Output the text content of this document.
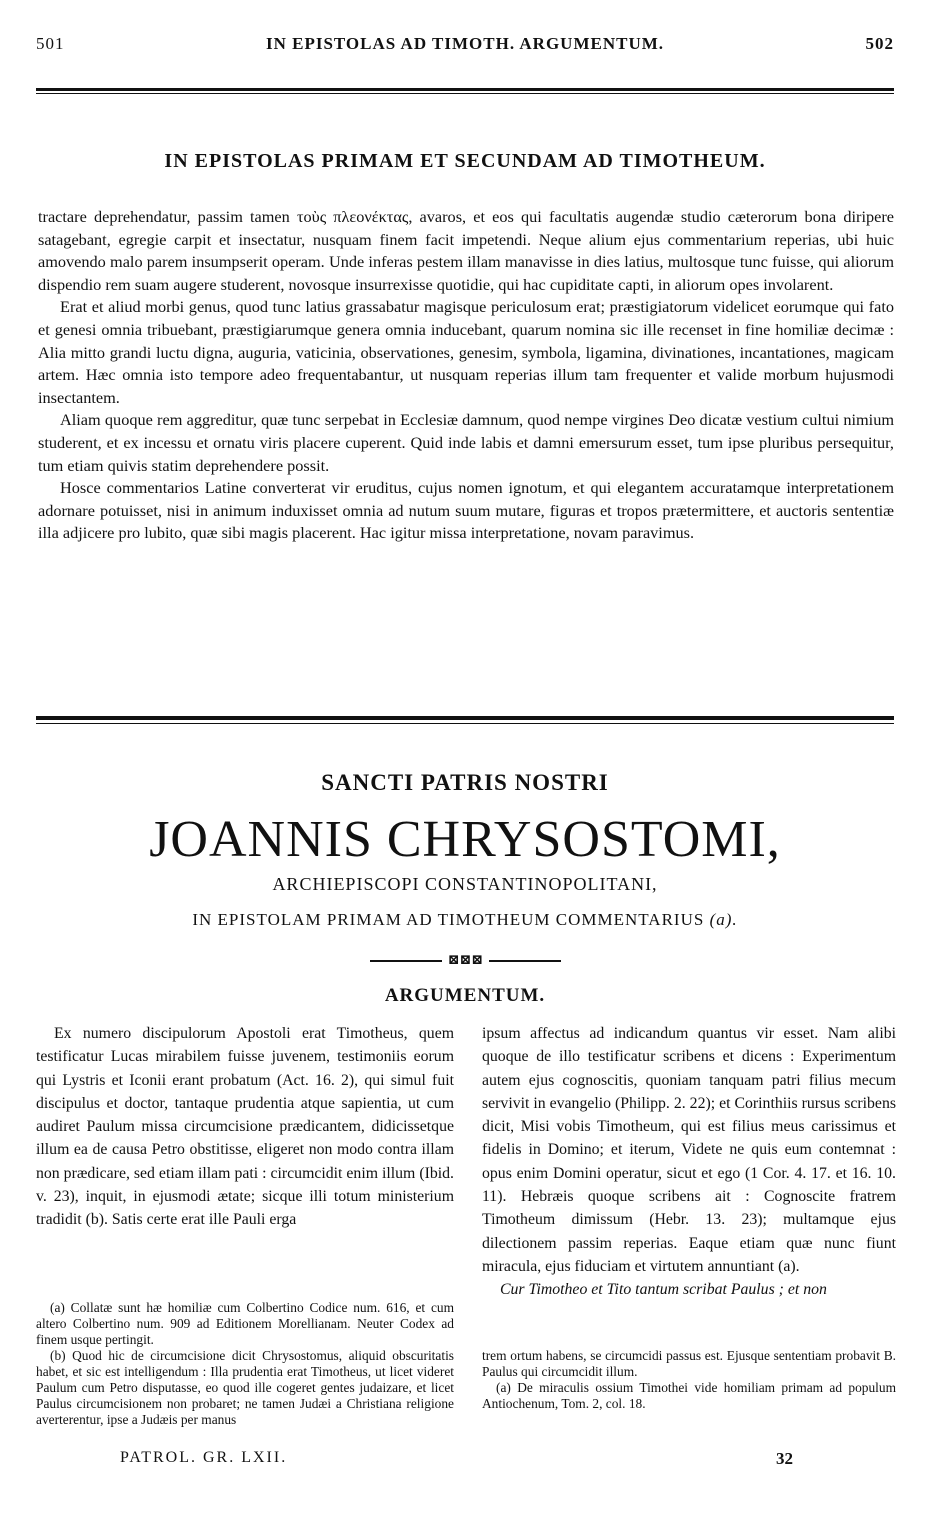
501	IN EPISTOLAS AD TIMOTH. ARGUMENTUM.	502
IN EPISTOLAS PRIMAM ET SECUNDAM AD TIMOTHEUM.

tractare deprehendatur, passim tamen τοὺς πλεονέκτας, avaros, et eos qui facultatis augendæ studio cæterorum bona diripere satagebant, egregie carpit et insectatur, nusquam finem facit impetendi. Neque alium ejus commentarium reperias, ubi huic amovendo malo parem insumpserit operam. Unde inferas pestem illam manavisse in dies latius, multosque tunc fuisse, qui aliorum dispendio rem suam augere studerent, novosque insurrexisse quotidie, qui hac cupiditate capti, in aliorum opes involarent.

Erat et aliud morbi genus, quod tunc latius grassabatur magisque periculosum erat; præstigiatorum videlicet eorumque qui fato et genesi omnia tribuebant, præstigiarumque genera omnia inducebant, quarum nomina sic ille recenset in fine homiliæ decimæ : Alia mitto grandi luctu digna, auguria, vaticinia, observationes, genesim, symbola, ligamina, divinationes, incantationes, magicam artem. Hæc omnia isto tempore adeo frequentabantur, ut nusquam reperias illum tam frequenter et valide morbum hujusmodi insectantem.

Aliam quoque rem aggreditur, quæ tunc serpebat in Ecclesiæ damnum, quod nempe virgines Deo dicatæ vestium cultui nimium studerent, et ex incessu et ornatu viris placere cuperent. Quid inde labis et damni emersurum esset, tum ipse pluribus persequitur, tum etiam quivis statim deprehendere possit.

Hosce commentarios Latine converterat vir eruditus, cujus nomen ignotum, et qui elegantem accuratamque interpretationem adornare potuisset, nisi in animum induxisset omnia ad nutum suum mutare, figuras et tropos prætermittere, et auctoris sententiæ illa adjicere pro lubito, quæ sibi magis placerent. Hac igitur missa interpretatione, novam paravimus.

SANCTI PATRIS NOSTRI
JOANNIS CHRYSOSTOMI,
ARCHIEPISCOPI CONSTANTINOPOLITANI,
IN EPISTOLAM PRIMAM AD TIMOTHEUM COMMENTARIUS (a).
⊠⊠⊠
ARGUMENTUM.

Ex numero discipulorum Apostoli erat Timotheus, quem testificatur Lucas mirabilem fuisse juvenem, testimoniis eorum qui Lystris et Iconii erant probatum (Act. 16. 2), qui simul fuit discipulus et doctor, tantaque prudentia atque sapientia, ut cum audiret Paulum missa circumcisione prædicantem, didicissetque illum ea de causa Petro obstitisse, eligeret non modo contra illam non prædicare, sed etiam illam pati : circumcidit enim illum (Ibid. v. 23), inquit, in ejusmodi ætate; sicque illi totum ministerium tradidit (b). Satis certe erat ille Pauli erga

ipsum affectus ad indicandum quantus vir esset. Nam alibi quoque de illo testificatur scribens et dicens : Experimentum autem ejus cognoscitis, quoniam tanquam patri filius mecum servivit in evangelio (Philipp. 2. 22); et Corinthiis rursus scribens dicit, Misi vobis Timotheum, qui est filius meus carissimus et fidelis in Domino; et iterum, Videte ne quis eum contemnat : opus enim Domini operatur, sicut et ego (1 Cor. 4. 17. et 16. 10. 11). Hebræis quoque scribens ait : Cognoscite fratrem Timotheum dimissum (Hebr. 13. 23); multamque ejus dilectionem passim reperias. Eaque etiam quæ nunc fiunt miracula, ejus fiduciam et virtutem annuntiant (a).

Cur Timotheo et Tito tantum scribat Paulus ; et non

(a) Collatæ sunt hæ homiliæ cum Colbertino Codice num. 616, et cum altero Colbertino num. 909 ad Editionem Morellianam. Neuter Codex ad finem usque pertingit.

(b) Quod hic de circumcisione dicit Chrysostomus, aliquid obscuritatis habet, et sic est intelligendum : Illa prudentia erat Timotheus, ut licet videret Paulum cum Petro disputasse, eo quod ille cogeret gentes judaizare, et licet Paulus circumcisionem non probaret; ne tamen Judæi a Christiana religione averterentur, ipse a Judæis per manus

trem ortum habens, se circumcidi passus est. Ejusque sententiam probavit B. Paulus qui circumcidit illum.

(a) De miraculis ossium Timothei vide homiliam primam ad populum Antiochenum, Tom. 2, col. 18.

PATROL. GR. LXII.	32
